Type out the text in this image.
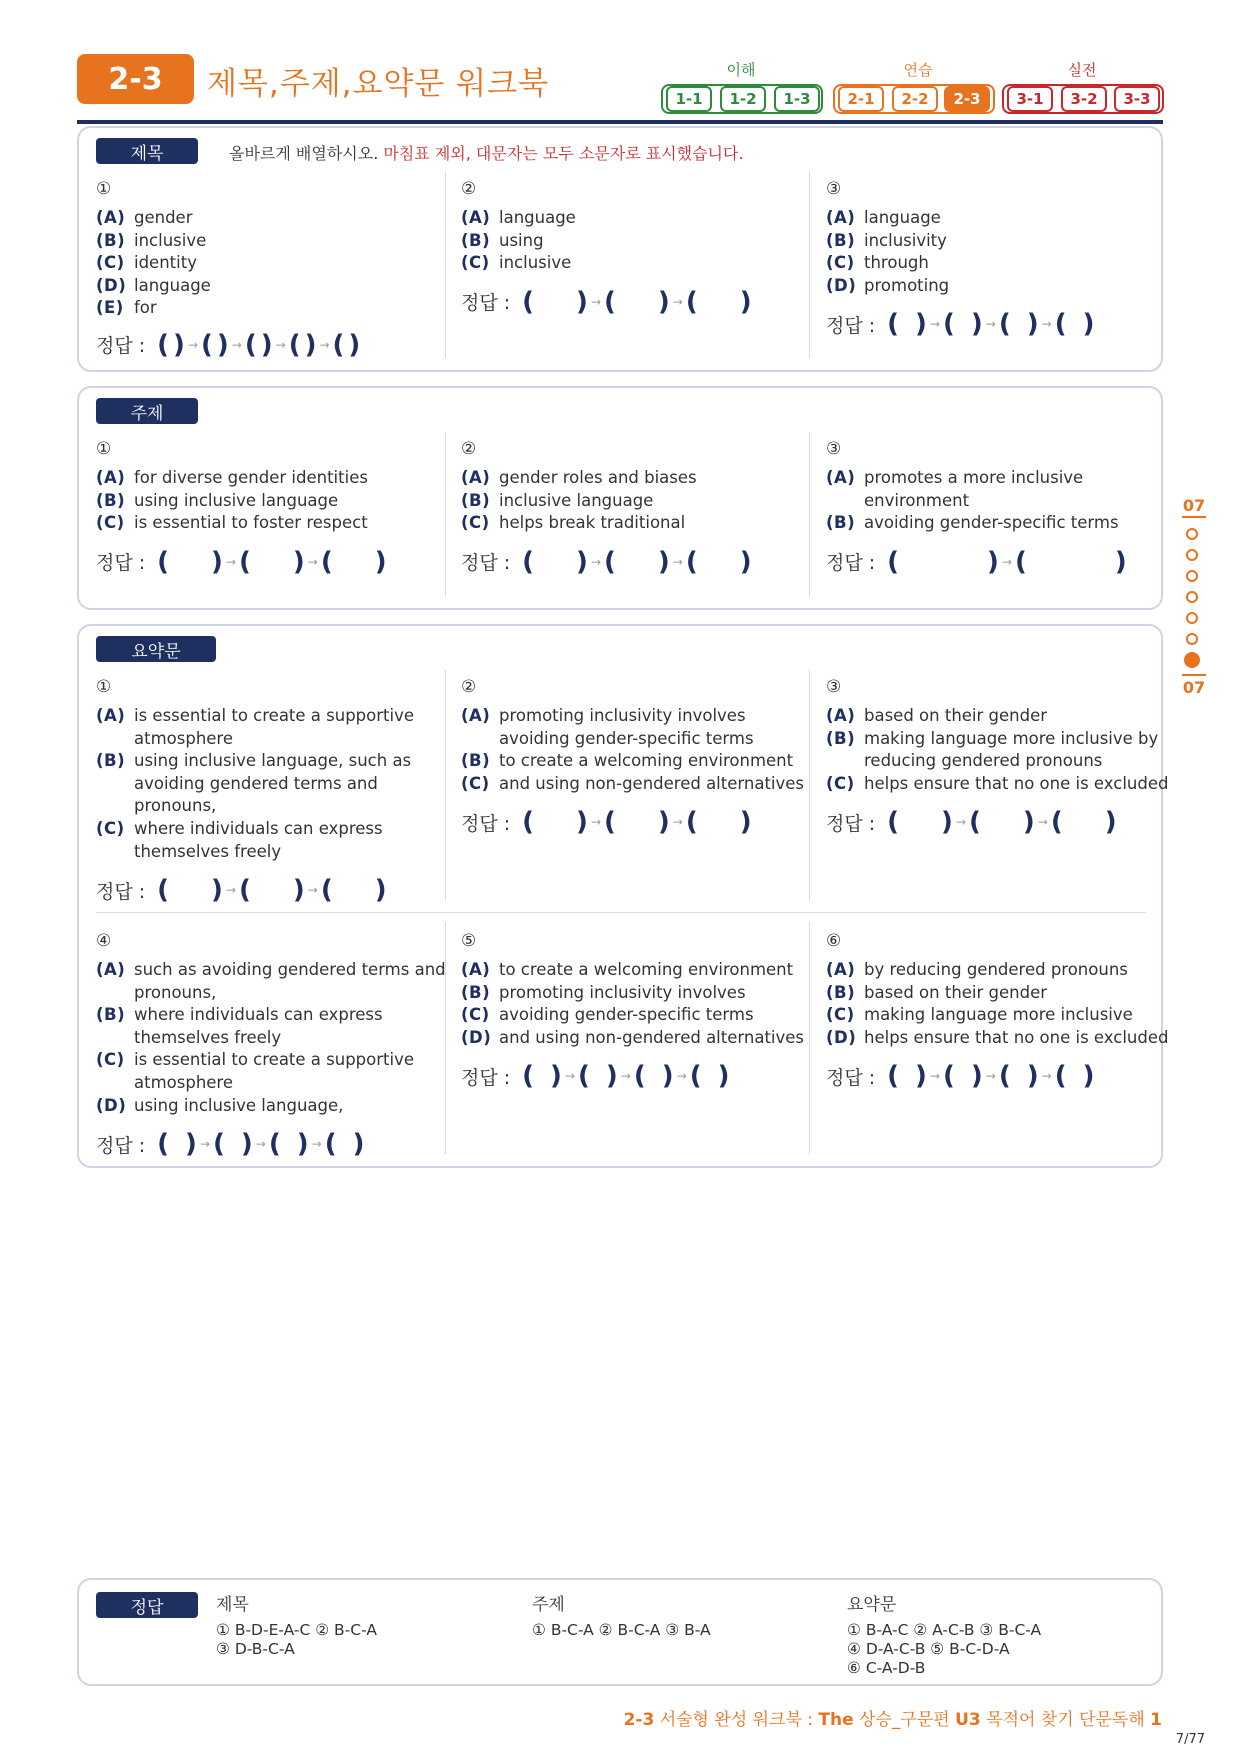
2-3	제목,주제,요약문 워크북	이해	연습	실전
1-1	1-2	1-3	2-1	2-2	2-3	3-1	3-2	3-3
제목	올바르게 배열하시오. 마침표 제외, 대문자는 모두 소문자로 표시했습니다.
①
(A) gender
(B) inclusive
(C) identity
(D) language
(E) for
정답 : ( ) → ( ) → ( ) → ( ) → ( )
②
(A) language
(B) using
(C) inclusive
정답 : ( ) → ( ) → ( )
③
(A) language
(B) inclusivity
(C) through
(D) promoting
정답 : ( ) → ( ) → ( ) → ( )
주제
①
(A) for diverse gender identities
(B) using inclusive language
(C) is essential to foster respect
정답 : ( ) → ( ) → ( )
②
(A) gender roles and biases
(B) inclusive language
(C) helps break traditional
정답 : ( ) → ( ) → ( )
③
(A) promotes a more inclusive environment
(B) avoiding gender-specific terms
정답 : (	) → (	)
요약문
①
(A) is essential to create a supportive atmosphere
(B) using inclusive language, such as avoiding gendered terms and pronouns,
(C) where individuals can express themselves freely
정답 : ( ) → ( ) → ( )
②
(A) promoting inclusivity involves avoiding gender-specific terms
(B) to create a welcoming environment
(C) and using non-gendered alternatives
정답 : ( ) → ( ) → ( )
③
(A) based on their gender
(B) making language more inclusive by reducing gendered pronouns
(C) helps ensure that no one is excluded
정답 : ( ) → ( ) → ( )
④
(A) such as avoiding gendered terms and pronouns,
(B) where individuals can express themselves freely
(C) is essential to create a supportive atmosphere
(D) using inclusive language,
정답 : ( ) → ( ) → ( ) → ( )
⑤
(A) to create a welcoming environment
(B) promoting inclusivity involves
(C) avoiding gender-specific terms
(D) and using non-gendered alternatives
정답 : ( ) → ( ) → ( ) → ( )
⑥
(A) by reducing gendered pronouns
(B) based on their gender
(C) making language more inclusive
(D) helps ensure that no one is excluded
정답 : ( ) → ( ) → ( ) → ( )
07
07
정답	제목
① B-D-E-A-C ② B-C-A
③ D-B-C-A
주제
① B-C-A ② B-C-A ③ B-A
요약문
① B-A-C ② A-C-B ③ B-C-A
④ D-A-C-B ⑤ B-C-D-A
⑥ C-A-D-B
2-3 서술형 완성 워크북 : The 상승_구문편 U3 목적어 찾기 단문독해 1
7/77
